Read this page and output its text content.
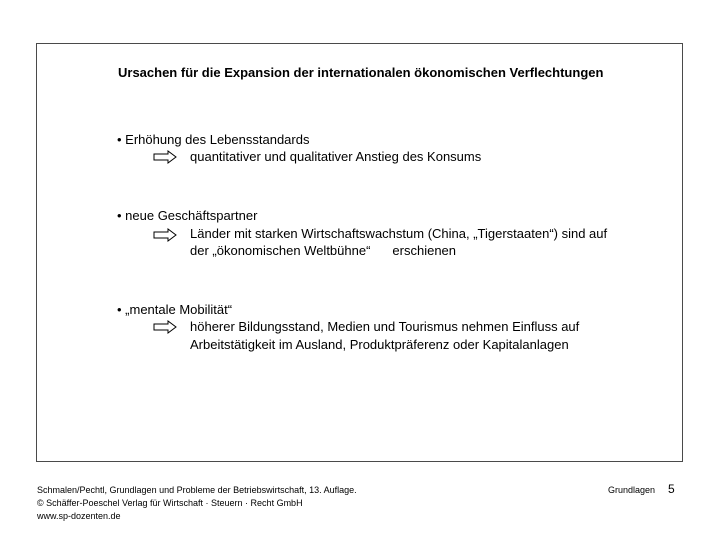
Ursachen für die Expansion der internationalen ökonomischen Verflechtungen
• Erhöhung des Lebensstandards
quantitativer und qualitativer Anstieg des Konsums
• neue Geschäftspartner
Länder mit starken Wirtschaftswachstum (China, „Tigerstaaten“) sind auf
der „ökonomischen Weltbühne“ erschienen
• „mentale Mobilität“
höherer Bildungsstand, Medien und Tourismus nehmen Einfluss auf
Arbeitstätigkeit im Ausland, Produktpräferenz oder Kapitalanlagen
Schmalen/Pechtl, Grundlagen und Probleme der Betriebswirtschaft, 13. Auflage.
© Schäffer-Poeschel Verlag für Wirtschaft · Steuern · Recht GmbH
www.sp-dozenten.de
Grundlagen 5
